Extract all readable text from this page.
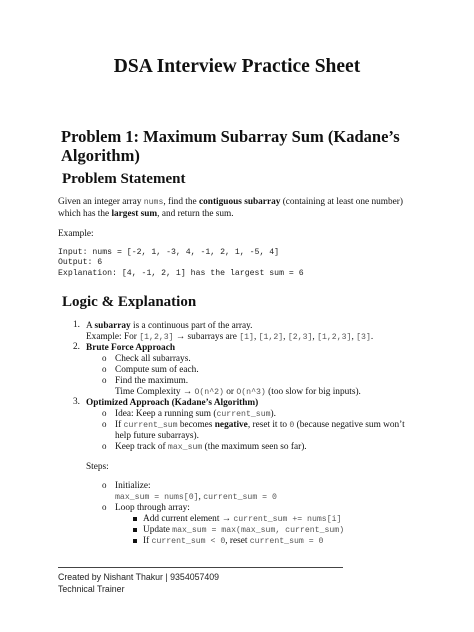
DSA Interview Practice Sheet
Problem 1: Maximum Subarray Sum (Kadane’s Algorithm)
Problem Statement
Given an integer array nums, find the contiguous subarray (containing at least one number)
which has the largest sum, and return the sum.
Example:
Input: nums = [-2, 1, -3, 4, -1, 2, 1, -5, 4]
Output: 6
Explanation: [4, -1, 2, 1] has the largest sum = 6
Logic & Explanation
1. A subarray is a continuous part of the array.
Example: For [1,2,3] → subarrays are [1], [1,2], [2,3], [1,2,3], [3].
2. Brute Force Approach
o Check all subarrays.
o Compute sum of each.
o Find the maximum.
Time Complexity → O(n^2) or O(n^3) (too slow for big inputs).
3. Optimized Approach (Kadane’s Algorithm)
o Idea: Keep a running sum (current_sum).
o If current_sum becomes negative, reset it to 0 (because negative sum won’t
help future subarrays).
o Keep track of max_sum (the maximum seen so far).
Steps:
o Initialize:
max_sum = nums[0], current_sum = 0
o Loop through array:
Add current element → current_sum += nums[i]
Update max_sum = max(max_sum, current_sum)
If current_sum < 0, reset current_sum = 0
Created by Nishant Thakur | 9354057409
Technical Trainer
